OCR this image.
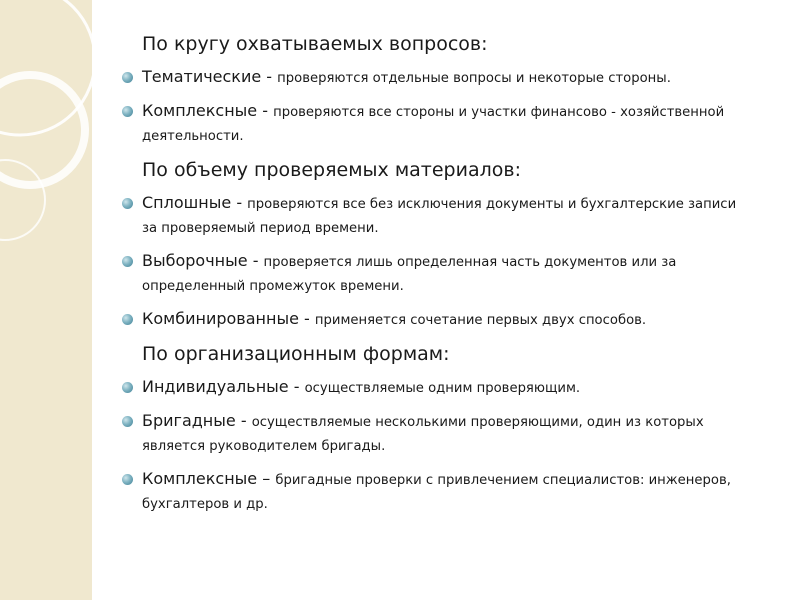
По кругу охватываемых вопросов:
Тематические - проверяются отдельные вопросы и некоторые стороны.
Комплексные - проверяются все стороны и участки финансово - хозяйственной деятельности.
По объему проверяемых материалов:
Сплошные - проверяются все без исключения документы и бухгалтерские записи за проверяемый период времени.
Выборочные - проверяется лишь определенная часть документов или за определенный промежуток времени.
Комбинированные - применяется сочетание первых двух способов.
По организационным формам:
Индивидуальные - осуществляемые одним проверяющим.
Бригадные - осуществляемые несколькими проверяющими, один из которых является руководителем бригады.
Комплексные – бригадные проверки с привлечением специалистов: инженеров, бухгалтеров и др.
